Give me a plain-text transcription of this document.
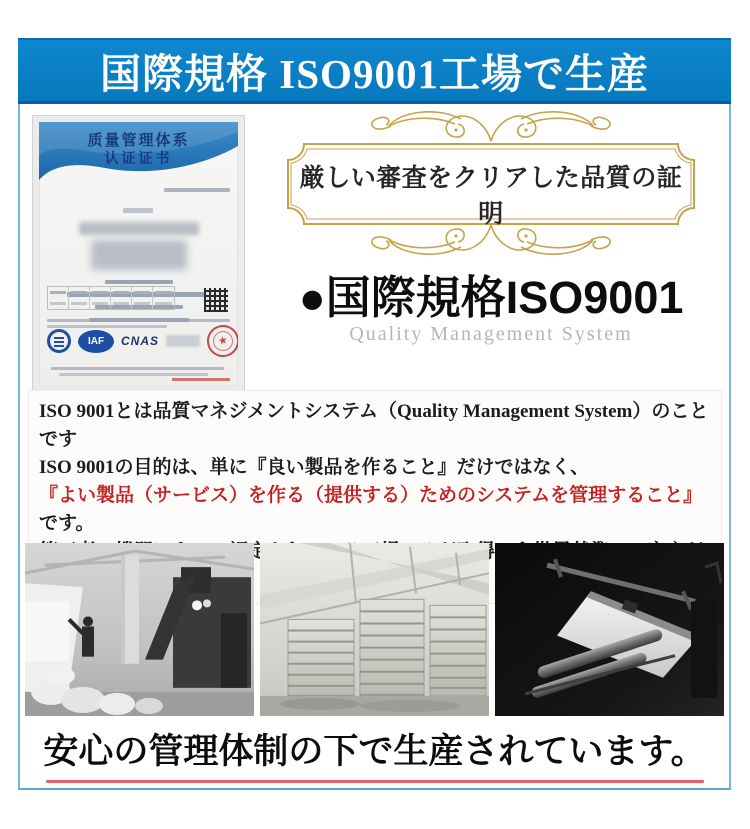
国際規格 ISO9001工場で生産
质量管理体系
认证证书
IAF	CNAS
★
厳しい審査をクリアした品質の証明
●国際規格ISO9001
Quality Management System
ISO 9001とは品質マネジメントシステム（Quality Management System）のことです
ISO 9001の目的は、単に『良い製品を作ること』だけではなく、
『よい製品（サービス）を作る（提供する）ためのシステムを管理すること』です。
安心の管理体制の下で生産されています。
